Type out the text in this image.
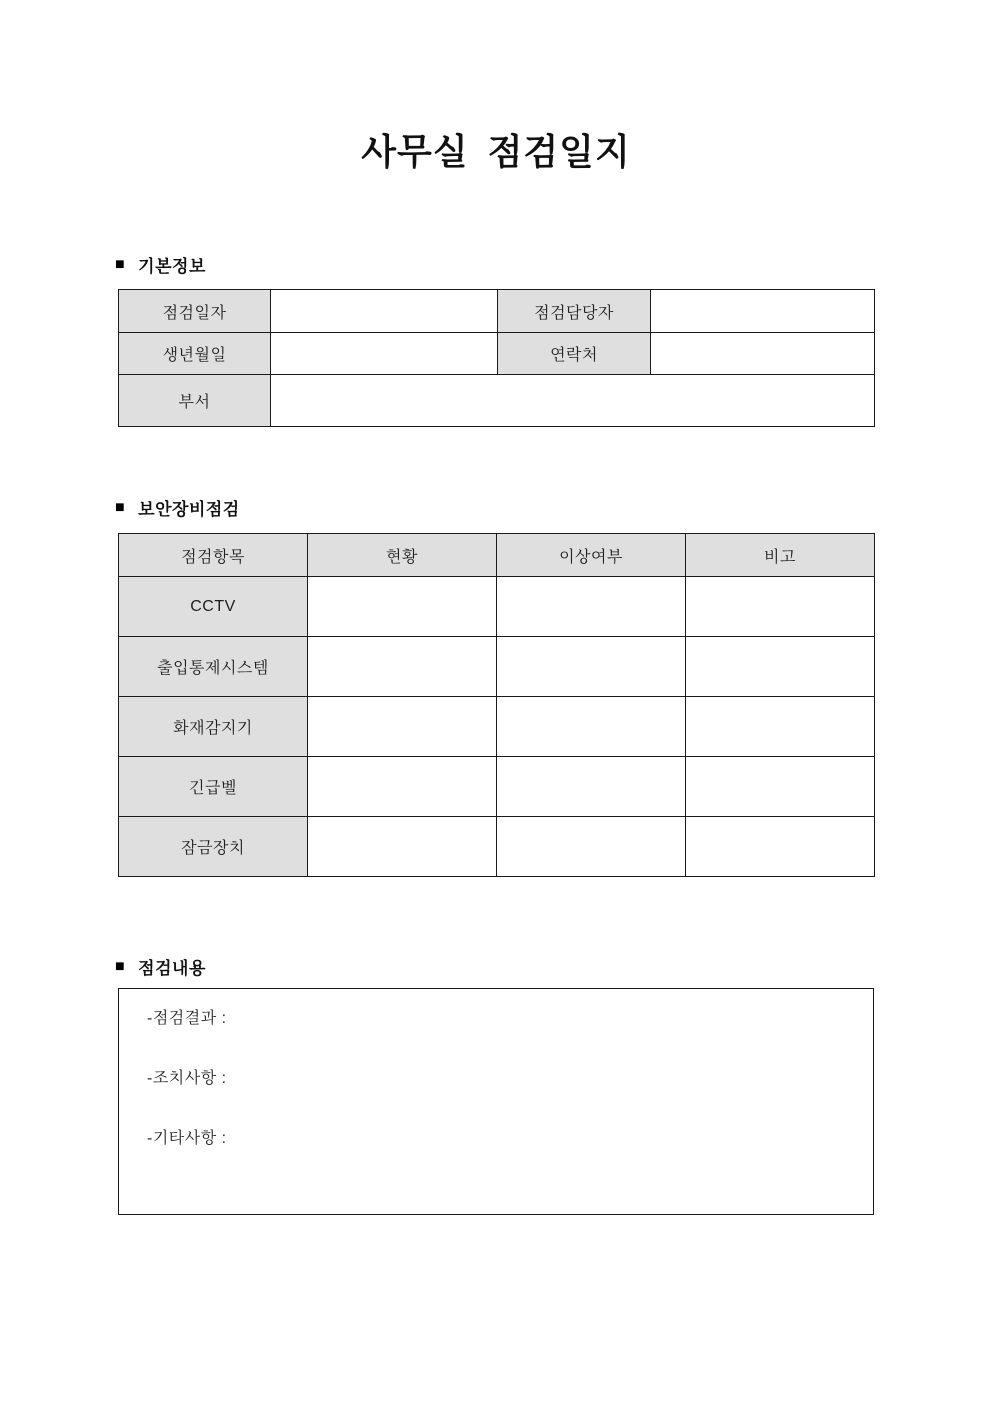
사무실 점검일지
■ 기본정보
점검일자		점검담당자	
생년월일		연락처	
부서			
■ 보안장비점검
점검항목	현황	이상여부	비고
CCTV			
출입통제시스템			
화재감지기			
긴급벨			
잠금장치			
■ 점검내용
-점검결과 :
-조치사항 :
-기타사항 :
